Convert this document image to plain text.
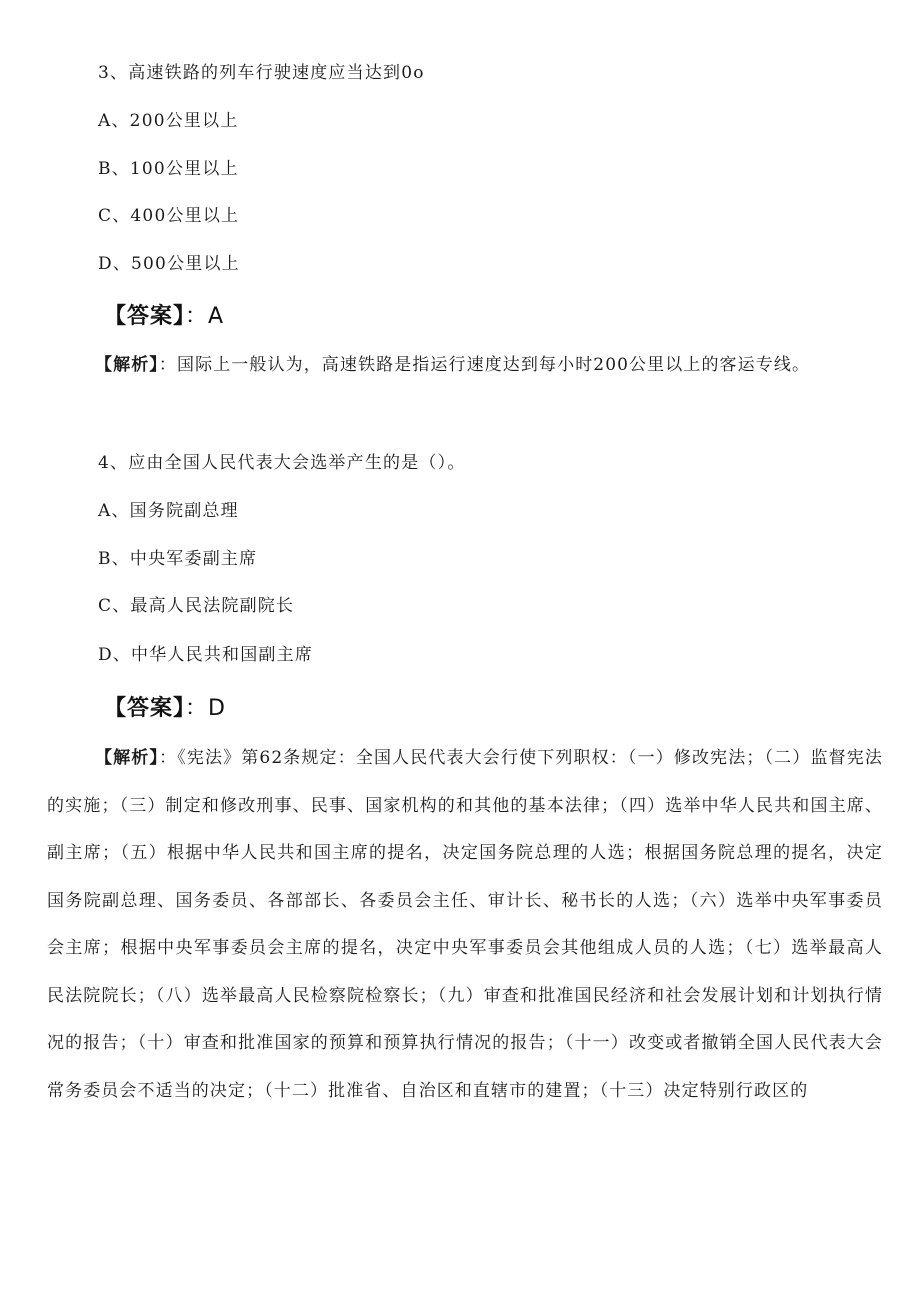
3、高速铁路的列车行驶速度应当达到0o
A、200公里以上
B、100公里以上
C、400公里以上
D、500公里以上
【答案】：A
【解析】：国际上一般认为，高速铁路是指运行速度达到每小时200公里以上的客运专线。
4、应由全国人民代表大会选举产生的是（）。
A、国务院副总理
B、中央军委副主席
C、最高人民法院副院长
D、中华人民共和国副主席
【答案】：D
【解析】：《宪法》第62条规定：全国人民代表大会行使下列职权：（一）修改宪法；（二）监督宪法的实施；（三）制定和修改刑事、民事、国家机构的和其他的基本法律；（四）选举中华人民共和国主席、副主席；（五）根据中华人民共和国主席的提名，决定国务院总理的人选；根据国务院总理的提名，决定国务院副总理、国务委员、各部部长、各委员会主任、审计长、秘书长的人选；（六）选举中央军事委员会主席；根据中央军事委员会主席的提名，决定中央军事委员会其他组成人员的人选；（七）选举最高人民法院院长；（八）选举最高人民检察院检察长；（九）审查和批准国民经济和社会发展计划和计划执行情况的报告；（十）审查和批准国家的预算和预算执行情况的报告；（十一）改变或者撤销全国人民代表大会常务委员会不适当的决定；（十二）批准省、自治区和直辖市的建置；（十三）决定特别行政区的
